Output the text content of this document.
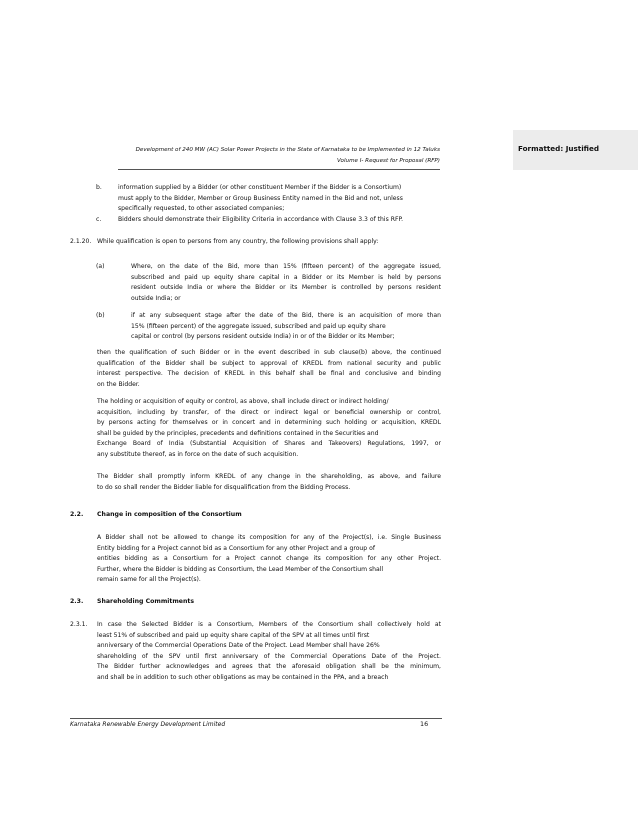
Formatted: Justified
Development of 240 MW (AC) Solar Power Projects in the State of Karnataka to be Implemented in 12 Taluks
Volume I- Request for Proposal (RFP)
b.	information supplied by a Bidder (or other constituent Member if the Bidder is a Consortium)
must apply to the Bidder, Member or Group Business Entity named in the Bid and not, unless
specifically requested, to other associated companies;
c.	Bidders should demonstrate their Eligibility Criteria in accordance with Clause 3.3 of this RFP.
2.1.20. While qualification is open to persons from any country, the following provisions shall apply:
(a)	Where, on the date of the Bid, more than 15% (fifteen percent) of the aggregate issued,
subscribed and paid up equity share capital in a Bidder or its Member is held by persons
resident outside India or where the Bidder or its Member is controlled by persons resident
outside India; or
(b)	if at any subsequent stage after the date of the Bid, there is an acquisition of more than
15% (fifteen percent) of the aggregate issued, subscribed and paid up equity share
capital or control (by persons resident outside India) in or of the Bidder or its Member;
then the qualification of such Bidder or in the event described in sub clause(b) above, the continued
qualification of the Bidder shall be subject to approval of KREDL from national security and public
interest perspective. The decision of KREDL in this behalf shall be final and conclusive and binding
on the Bidder.
The holding or acquisition of equity or control, as above, shall include direct or indirect holding/
acquisition, including by transfer, of the direct or indirect legal or beneficial ownership or control,
by persons acting for themselves or in concert and in determining such holding or acquisition, KREDL
shall be guided by the principles, precedents and definitions contained in the Securities and
Exchange Board of India (Substantial Acquisition of Shares and Takeovers) Regulations, 1997, or
any substitute thereof, as in force on the date of such acquisition.
The Bidder shall promptly inform KREDL of any change in the shareholding, as above, and failure
to do so shall render the Bidder liable for disqualification from the Bidding Process.
2.2. Change in composition of the Consortium
A Bidder shall not be allowed to change its composition for any of the Project(s), i.e. Single Business
Entity bidding for a Project cannot bid as a Consortium for any other Project and a group of
entities bidding as a Consortium for a Project cannot change its composition for any other Project.
Further, where the Bidder is bidding as Consortium, the Lead Member of the Consortium shall
remain same for all the Project(s).
2.3. Shareholding Commitments
2.3.1. In case the Selected Bidder is a Consortium, Members of the Consortium shall collectively hold at
least 51% of subscribed and paid up equity share capital of the SPV at all times until first
anniversary of the Commercial Operations Date of the Project. Lead Member shall have 26%
shareholding of the SPV until first anniversary of the Commercial Operations Date of the Project.
The Bidder further acknowledges and agrees that the aforesaid obligation shall be the minimum,
and shall be in addition to such other obligations as may be contained in the PPA, and a breach
Karnataka Renewable Energy Development Limited	16
